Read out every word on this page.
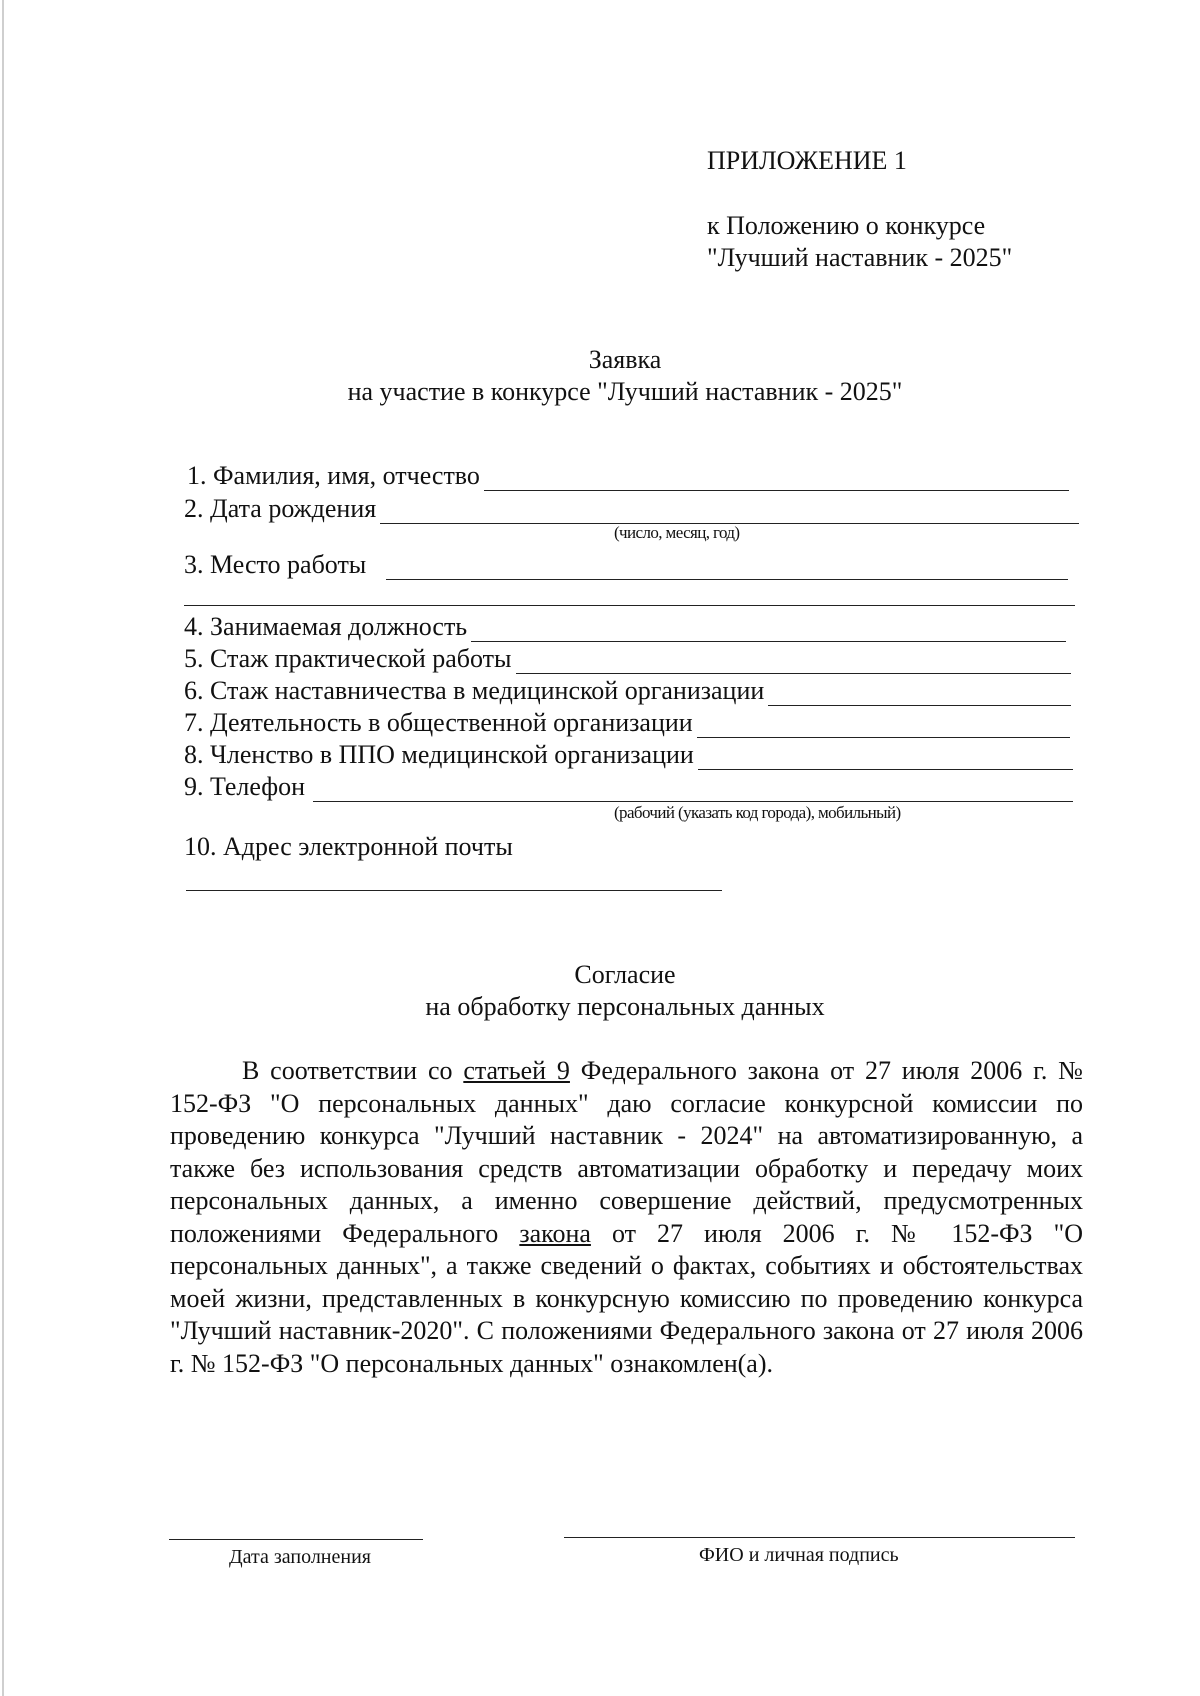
ПРИЛОЖЕНИЕ 1
к Положению о конкурсе
"Лучший наставник - 2025"
Заявка
на участие в конкурсе "Лучший наставник - 2025"
1. Фамилия, имя, отчество
2. Дата рождения
(число, месяц, год)
3. Место работы
4. Занимаемая должность
5. Стаж практической работы
6. Стаж наставничества в медицинской организации
7. Деятельность в общественной организации
8. Членство в ППО медицинской организации
9. Телефон
(рабочий (указать код города), мобильный)
10. Адрес электронной почты
Согласие
на обработку персональных данных
В соответствии со статьей 9 Федерального закона от 27 июля 2006 г. № 152-ФЗ "О персональных данных" даю согласие конкурсной комиссии по проведению конкурса "Лучший наставник - 2024" на автоматизированную, а также без использования средств автоматизации обработку и передачу моих персональных данных, а именно совершение действий, предусмотренных положениями Федерального закона от 27 июля 2006 г. № 152-ФЗ "О персональных данных", а также сведений о фактах, событиях и обстоятельствах моей жизни, представленных в конкурсную комиссию по проведению конкурса "Лучший наставник-2020". С положениями Федерального закона от 27 июля 2006 г. № 152-ФЗ "О персональных данных" ознакомлен(а).
Дата заполнения	ФИО и личная подпись
